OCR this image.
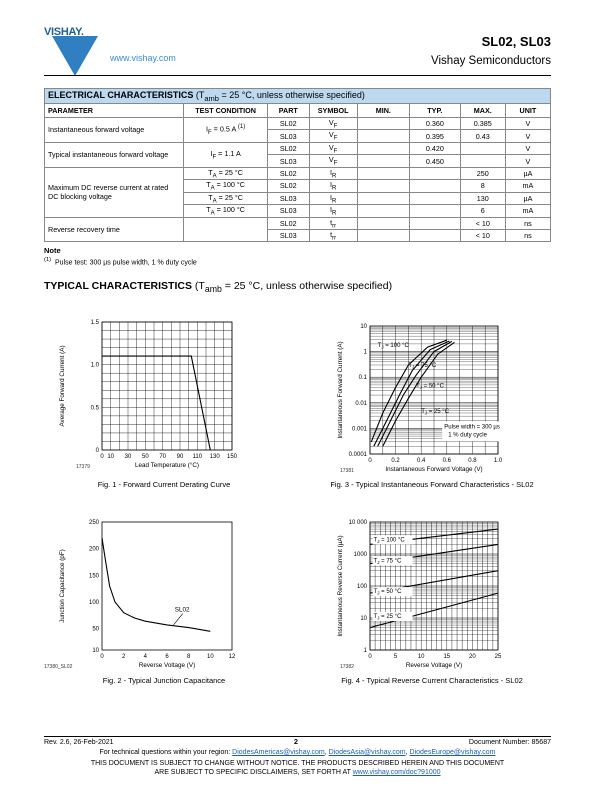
VISHAY.
www.vishay.com
SL02, SL03
Vishay Semiconductors
ELECTRICAL CHARACTERISTICS ($T_{amb} = 25$ °C, unless otherwise specified)							
PARAMETER	TEST CONDITION	PART	SYMBOL	MIN.	TYP.	MAX.	UNIT
Instantaneous forward voltage	$I_F = 0.5$ A $^{(1)}$	SL02	$V_F$		0.360	0.385	V
		SL03	$V_F$		0.395	0.43	V
Typical instantaneous forward voltage	$I_F = 1.1$ A	SL02	$V_F$		0.420		V
		SL03	$V_F$		0.450		V
Maximum DC reverse current at rated DC blocking voltage	$T_A = 25$ °C	SL02	$I_R$			250	µA
	$T_A = 100$ °C	SL02	$I_R$			8	mA
	$T_A = 25$ °C	SL03	$I_R$			130	µA
	$T_A = 100$ °C	SL03	$I_R$			6	mA
Reverse recovery time		SL02	$t_{rr}$			< 10	ns
		SL03	$t_{rr}$			< 10	ns
Note
$^{(1)}$ Pulse test: 300 µs pulse width, 1 % duty cycle
TYPICAL CHARACTERISTICS ($T_{amb} = 25$ °C, unless otherwise specified)
0 10 30 50 70 90 110 130 150
0
0.5
1.0
1.5
Lead Temperature (°C)
Average Forward Current (A)
17379
Fig. 1 - Forward Current Derating Curve
0	2	4	6	8	10 12
10
50
100
150
200
250
Reverse Voltage (V)
Junction Capacitance (pF)
17380_SL02
SL02
Fig. 2 - Typical Junction Capacitance
0	0.2	0.4	0.6	0.8	1.0
0.0001
0.001
0.01
0.1
1
10
Instantaneous Forward Voltage (V)
Instantaneous Forward Current (A)
17381
$T_J = 100$ °C
$T_J = 75$ °C
$T_J = 50$ °C
$T_J = 25$ °C
Pulse width = 300 µs
1 % duty cycle
Fig. 3 - Typical Instantaneous Forward Characteristics - SL02
0	5	10	15	20	25
1
10
100
1000
10 000
Reverse Voltage (V)
Instantaneous Reverse Current (µA)
17382
$T_J = 100$ °C
$T_J = 75$ °C
$T_J = 50$ °C
$T_J = 25$ °C
Fig. 4 - Typical Reverse Current Characteristics - SL02
Rev. 2.6, 26-Feb-2021	2	Document Number: 85687
For technical questions within your region: DiodesAmericas@vishay.com, DiodesAsia@vishay.com, DiodesEurope@vishay.com
THIS DOCUMENT IS SUBJECT TO CHANGE WITHOUT NOTICE. THE PRODUCTS DESCRIBED HEREIN AND THIS DOCUMENT
ARE SUBJECT TO SPECIFIC DISCLAIMERS, SET FORTH AT www.vishay.com/doc?91000
